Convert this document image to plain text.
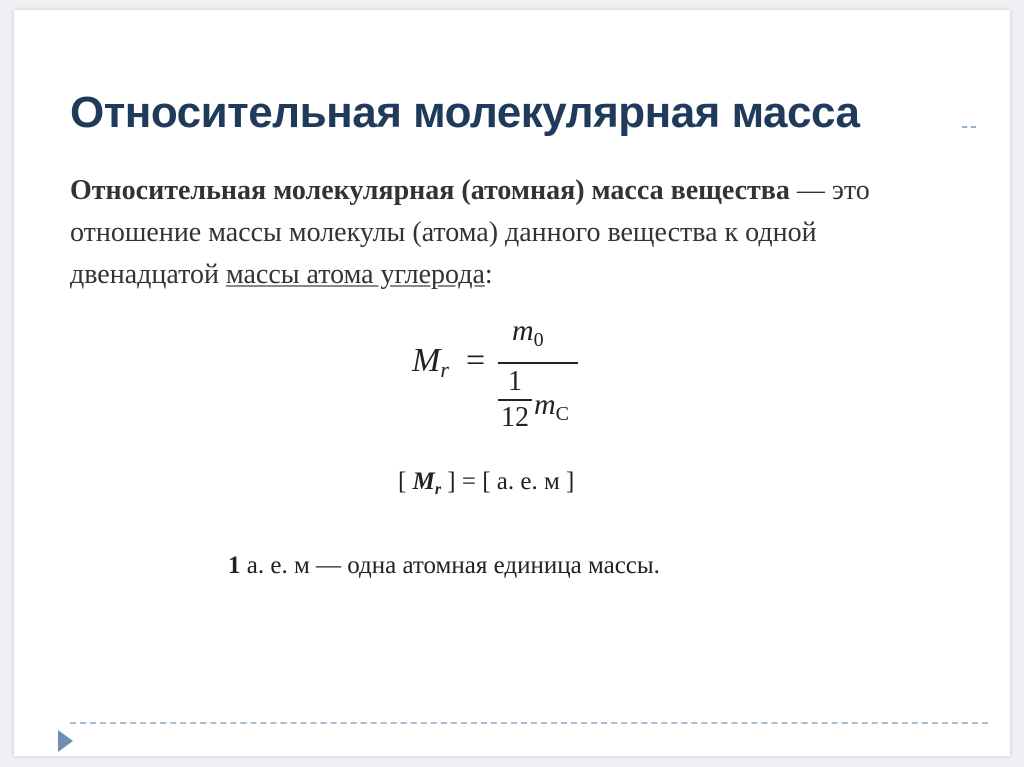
Относительная молекулярная масса

Относительная молекулярная (атомная) масса вещества — это отношение массы молекулы (атома) данного вещества к одной двенадцатой массы атома углерода:

$M_r$ =
$m_0$
1
12 $m_C$
[ $M_r$ ] = [ а. е. м ]
1 а. е. м — одна атомная единица массы.
